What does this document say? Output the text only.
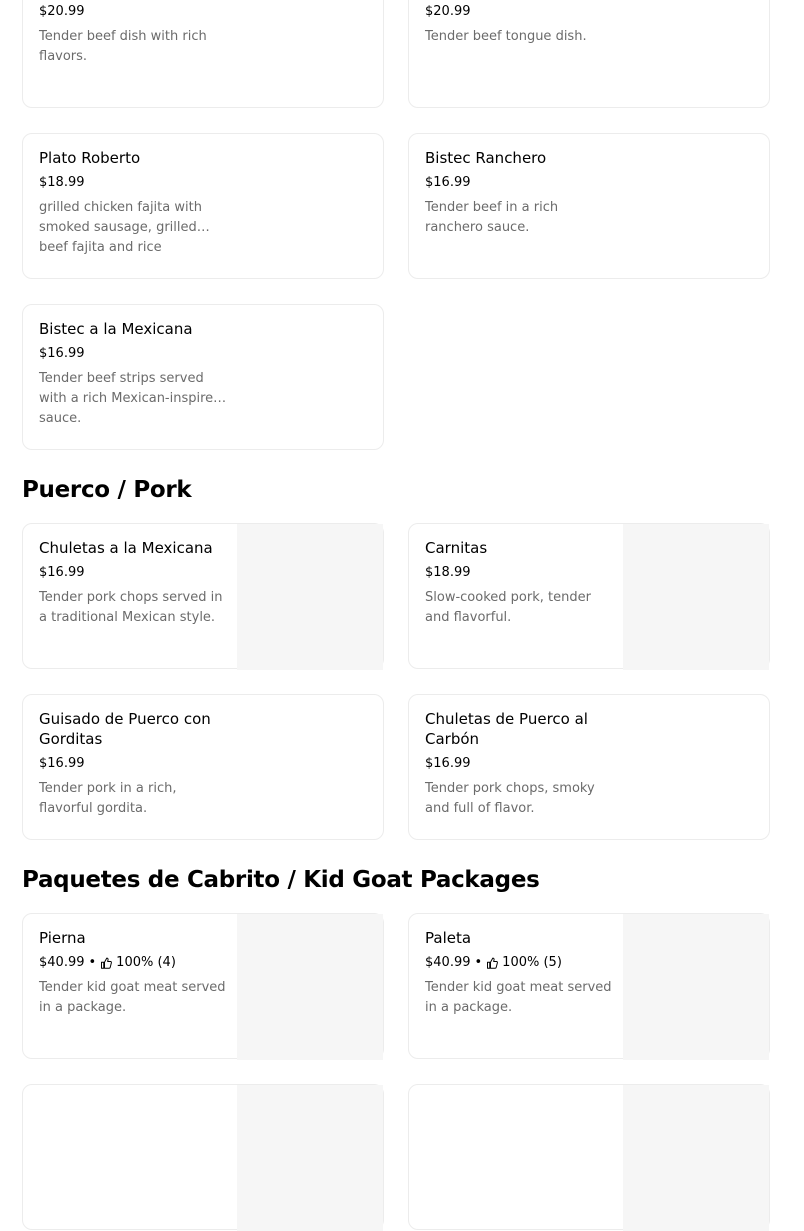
$20.99
Tender beef dish with rich flavors.
$20.99
Tender beef tongue dish.
Plato Roberto
$18.99
grilled chicken fajita with smoked sausage, grilled beef fajita and rice
Bistec Ranchero
$16.99
Tender beef in a rich ranchero sauce.
Bistec a la Mexicana
$16.99
Tender beef strips served with a rich Mexican-inspired sauce.
Puerco / Pork
Chuletas a la Mexicana
$16.99
Tender pork chops served in a traditional Mexican style.
Carnitas
$18.99
Slow-cooked pork, tender and flavorful.
Guisado de Puerco con Gorditas
$16.99
Tender pork in a rich, flavorful gordita.
Chuletas de Puerco al Carbón
$16.99
Tender pork chops, smoky and full of flavor.
Paquetes de Cabrito / Kid Goat Packages
Pierna
$40.99 • 100% (4)
Tender kid goat meat served in a package.
Paleta
$40.99 • 100% (5)
Tender kid goat meat served in a package.
